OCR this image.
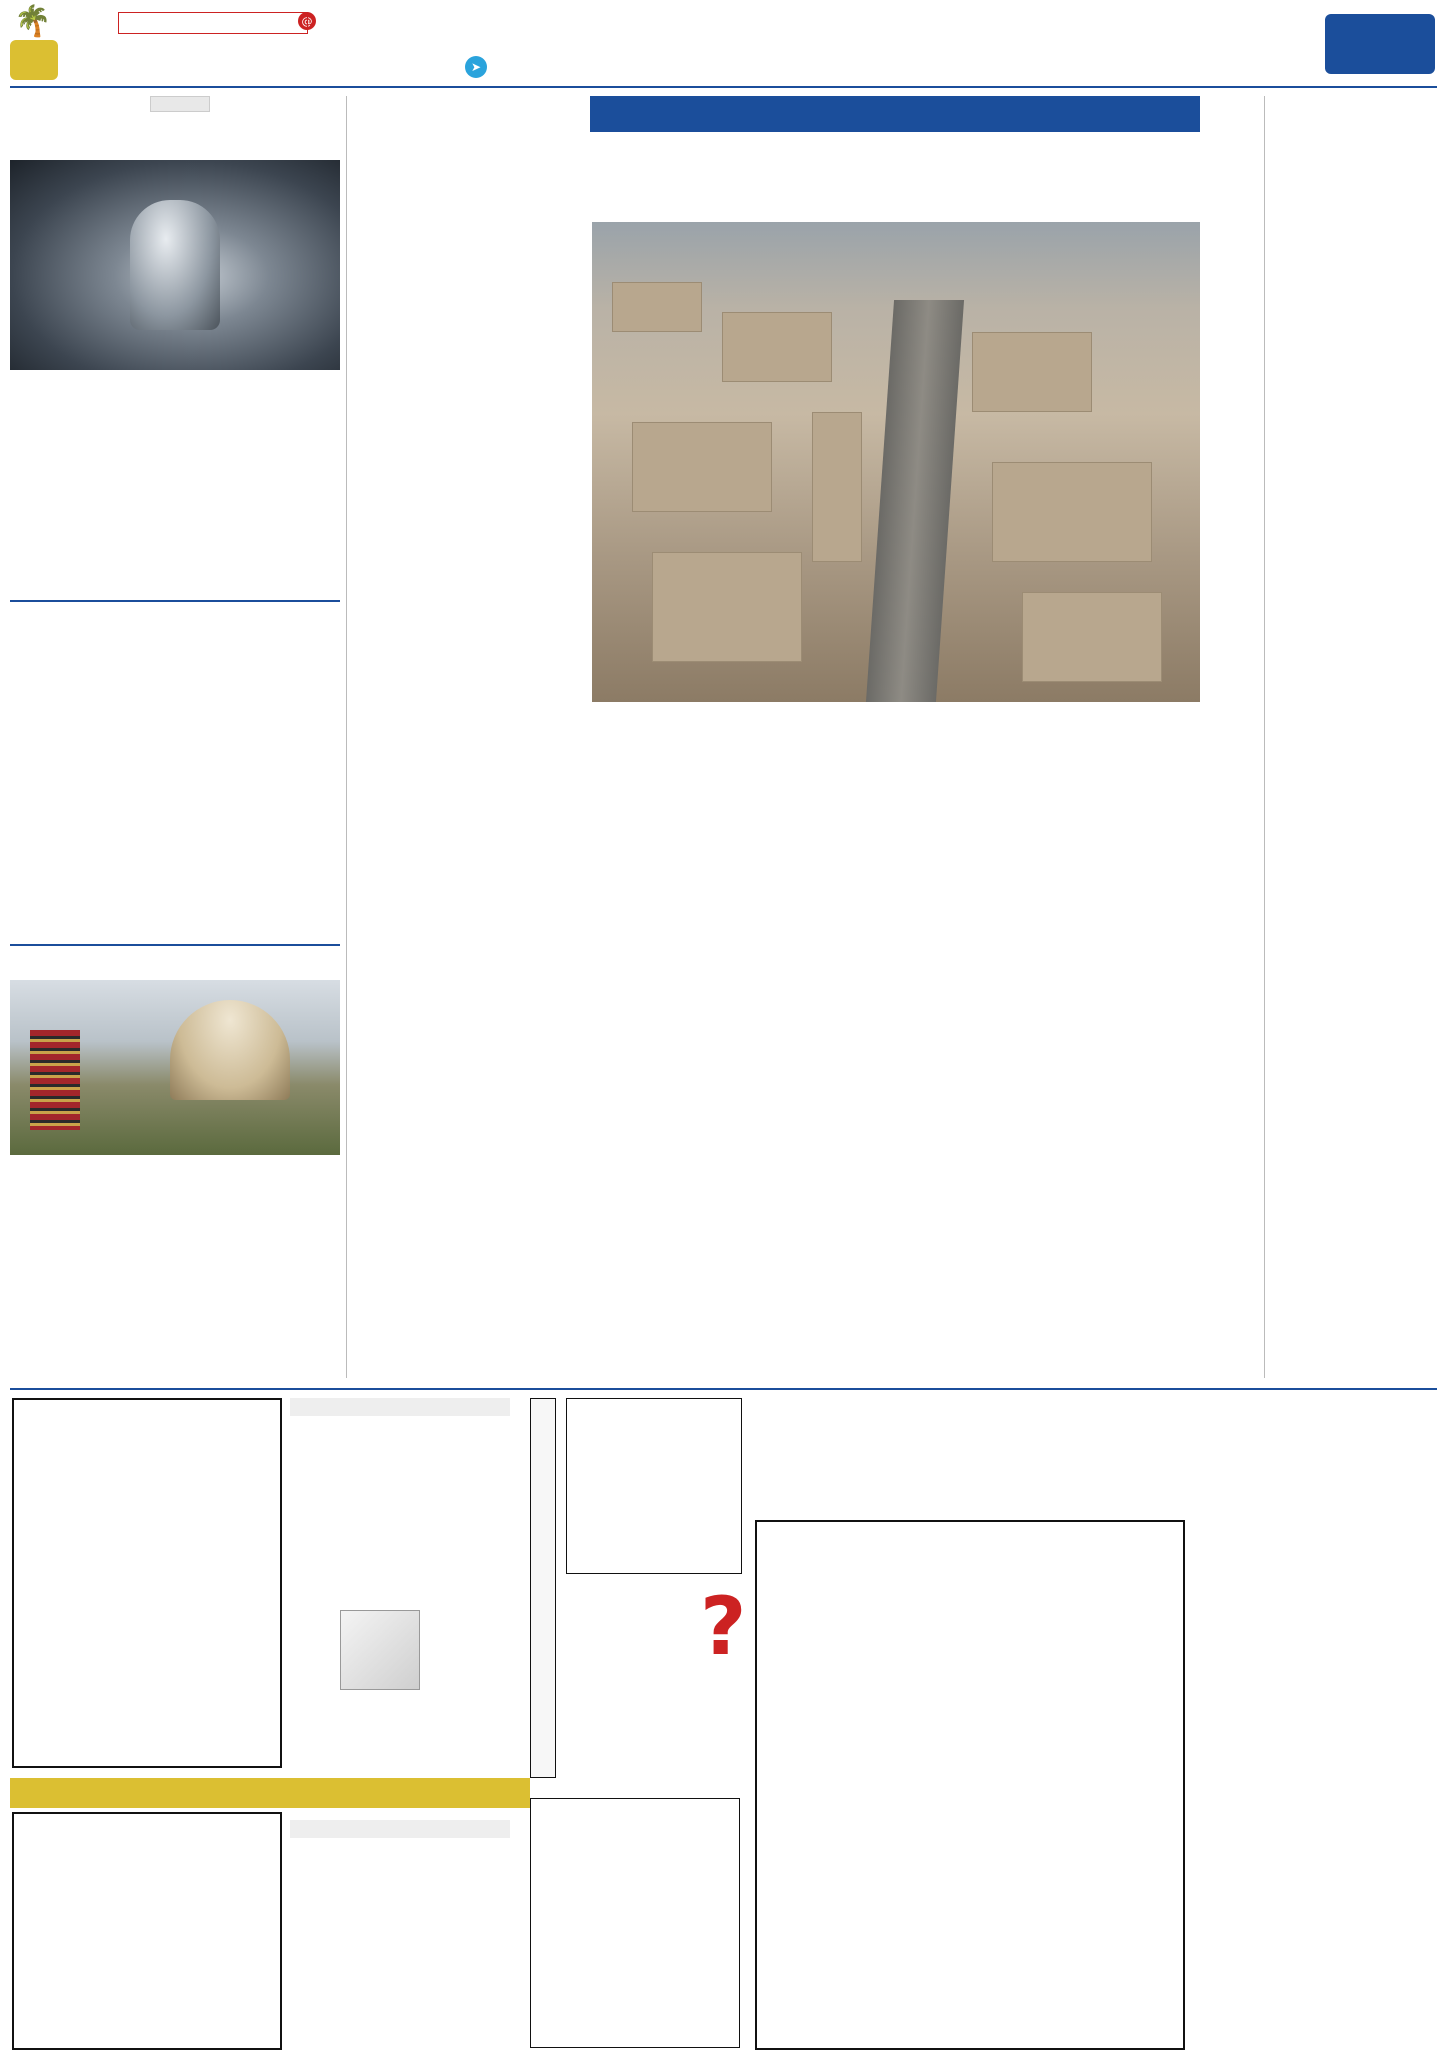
➤
@
🌴
?
